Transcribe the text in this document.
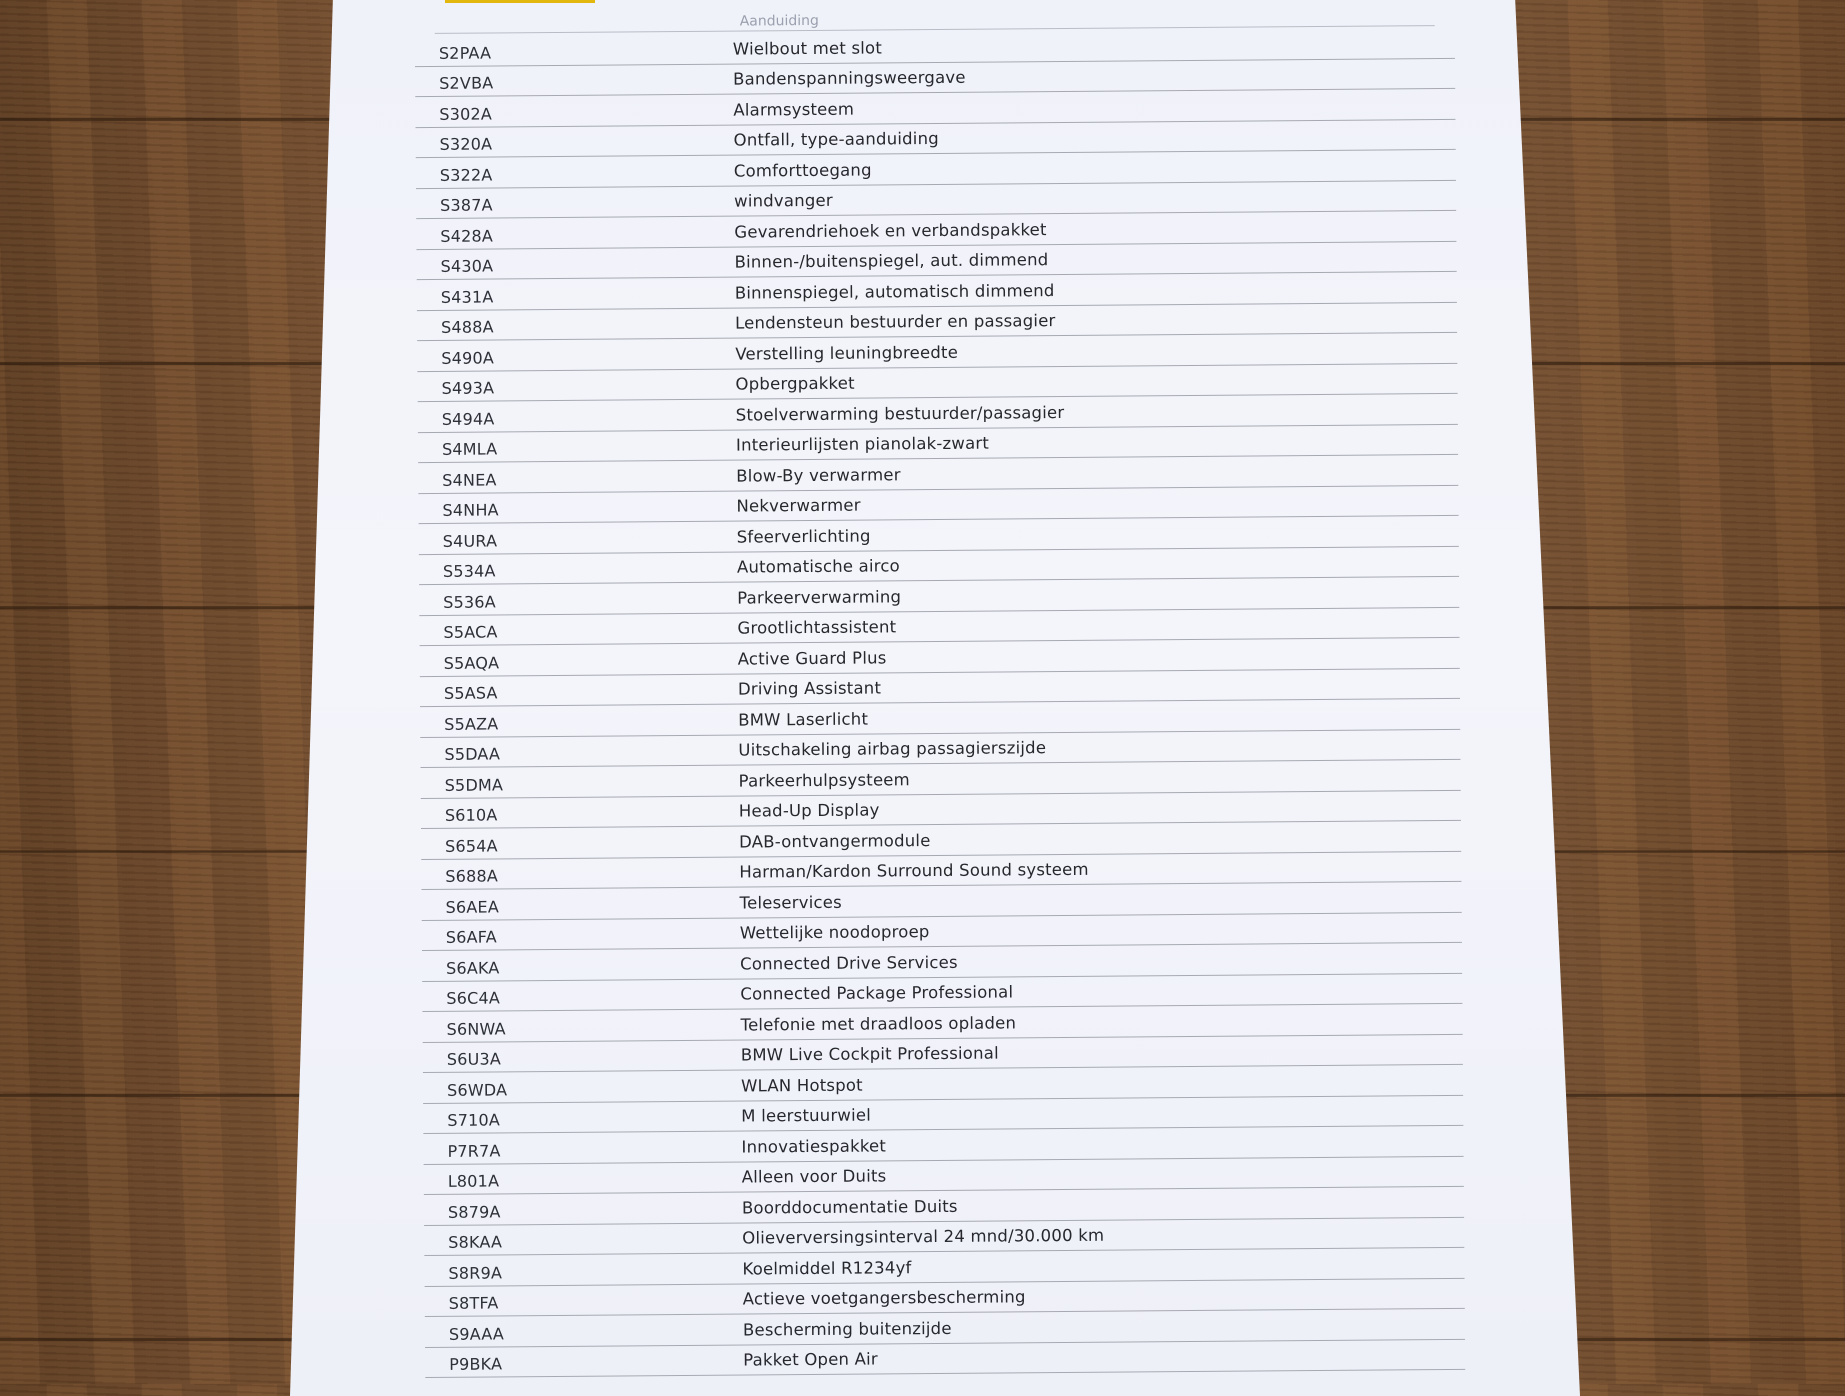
Aanduiding
S2PAA	Wielbout met slot
S2VBA	Bandenspanningsweergave
S302A	Alarmsysteem
S320A	Ontfall, type-aanduiding
S322A	Comforttoegang
S387A	windvanger
S428A	Gevarendriehoek en verbandspakket
S430A	Binnen-/buitenspiegel, aut. dimmend
S431A	Binnenspiegel, automatisch dimmend
S488A	Lendensteun bestuurder en passagier
S490A	Verstelling leuningbreedte
S493A	Opbergpakket
S494A	Stoelverwarming bestuurder/passagier
S4MLA	Interieurlijsten pianolak-zwart
S4NEA	Blow-By verwarmer
S4NHA	Nekverwarmer
S4URA	Sfeerverlichting
S534A	Automatische airco
S536A	Parkeerverwarming
S5ACA	Grootlichtassistent
S5AQA	Active Guard Plus
S5ASA	Driving Assistant
S5AZA	BMW Laserlicht
S5DAA	Uitschakeling airbag passagierszijde
S5DMA	Parkeerhulpsysteem
S610A	Head-Up Display
S654A	DAB-ontvangermodule
S688A	Harman/Kardon Surround Sound systeem
S6AEA	Teleservices
S6AFA	Wettelijke noodoproep
S6AKA	Connected Drive Services
S6C4A	Connected Package Professional
S6NWA	Telefonie met draadloos opladen
S6U3A	BMW Live Cockpit Professional
S6WDA	WLAN Hotspot
S710A	M leerstuurwiel
P7R7A	Innovatiespakket
L801A	Alleen voor Duits
S879A	Boorddocumentatie Duits
S8KAA	Olieverversingsinterval 24 mnd/30.000 km
S8R9A	Koelmiddel R1234yf
S8TFA	Actieve voetgangersbescherming
S9AAA	Bescherming buitenzijde
P9BKA	Pakket Open Air
